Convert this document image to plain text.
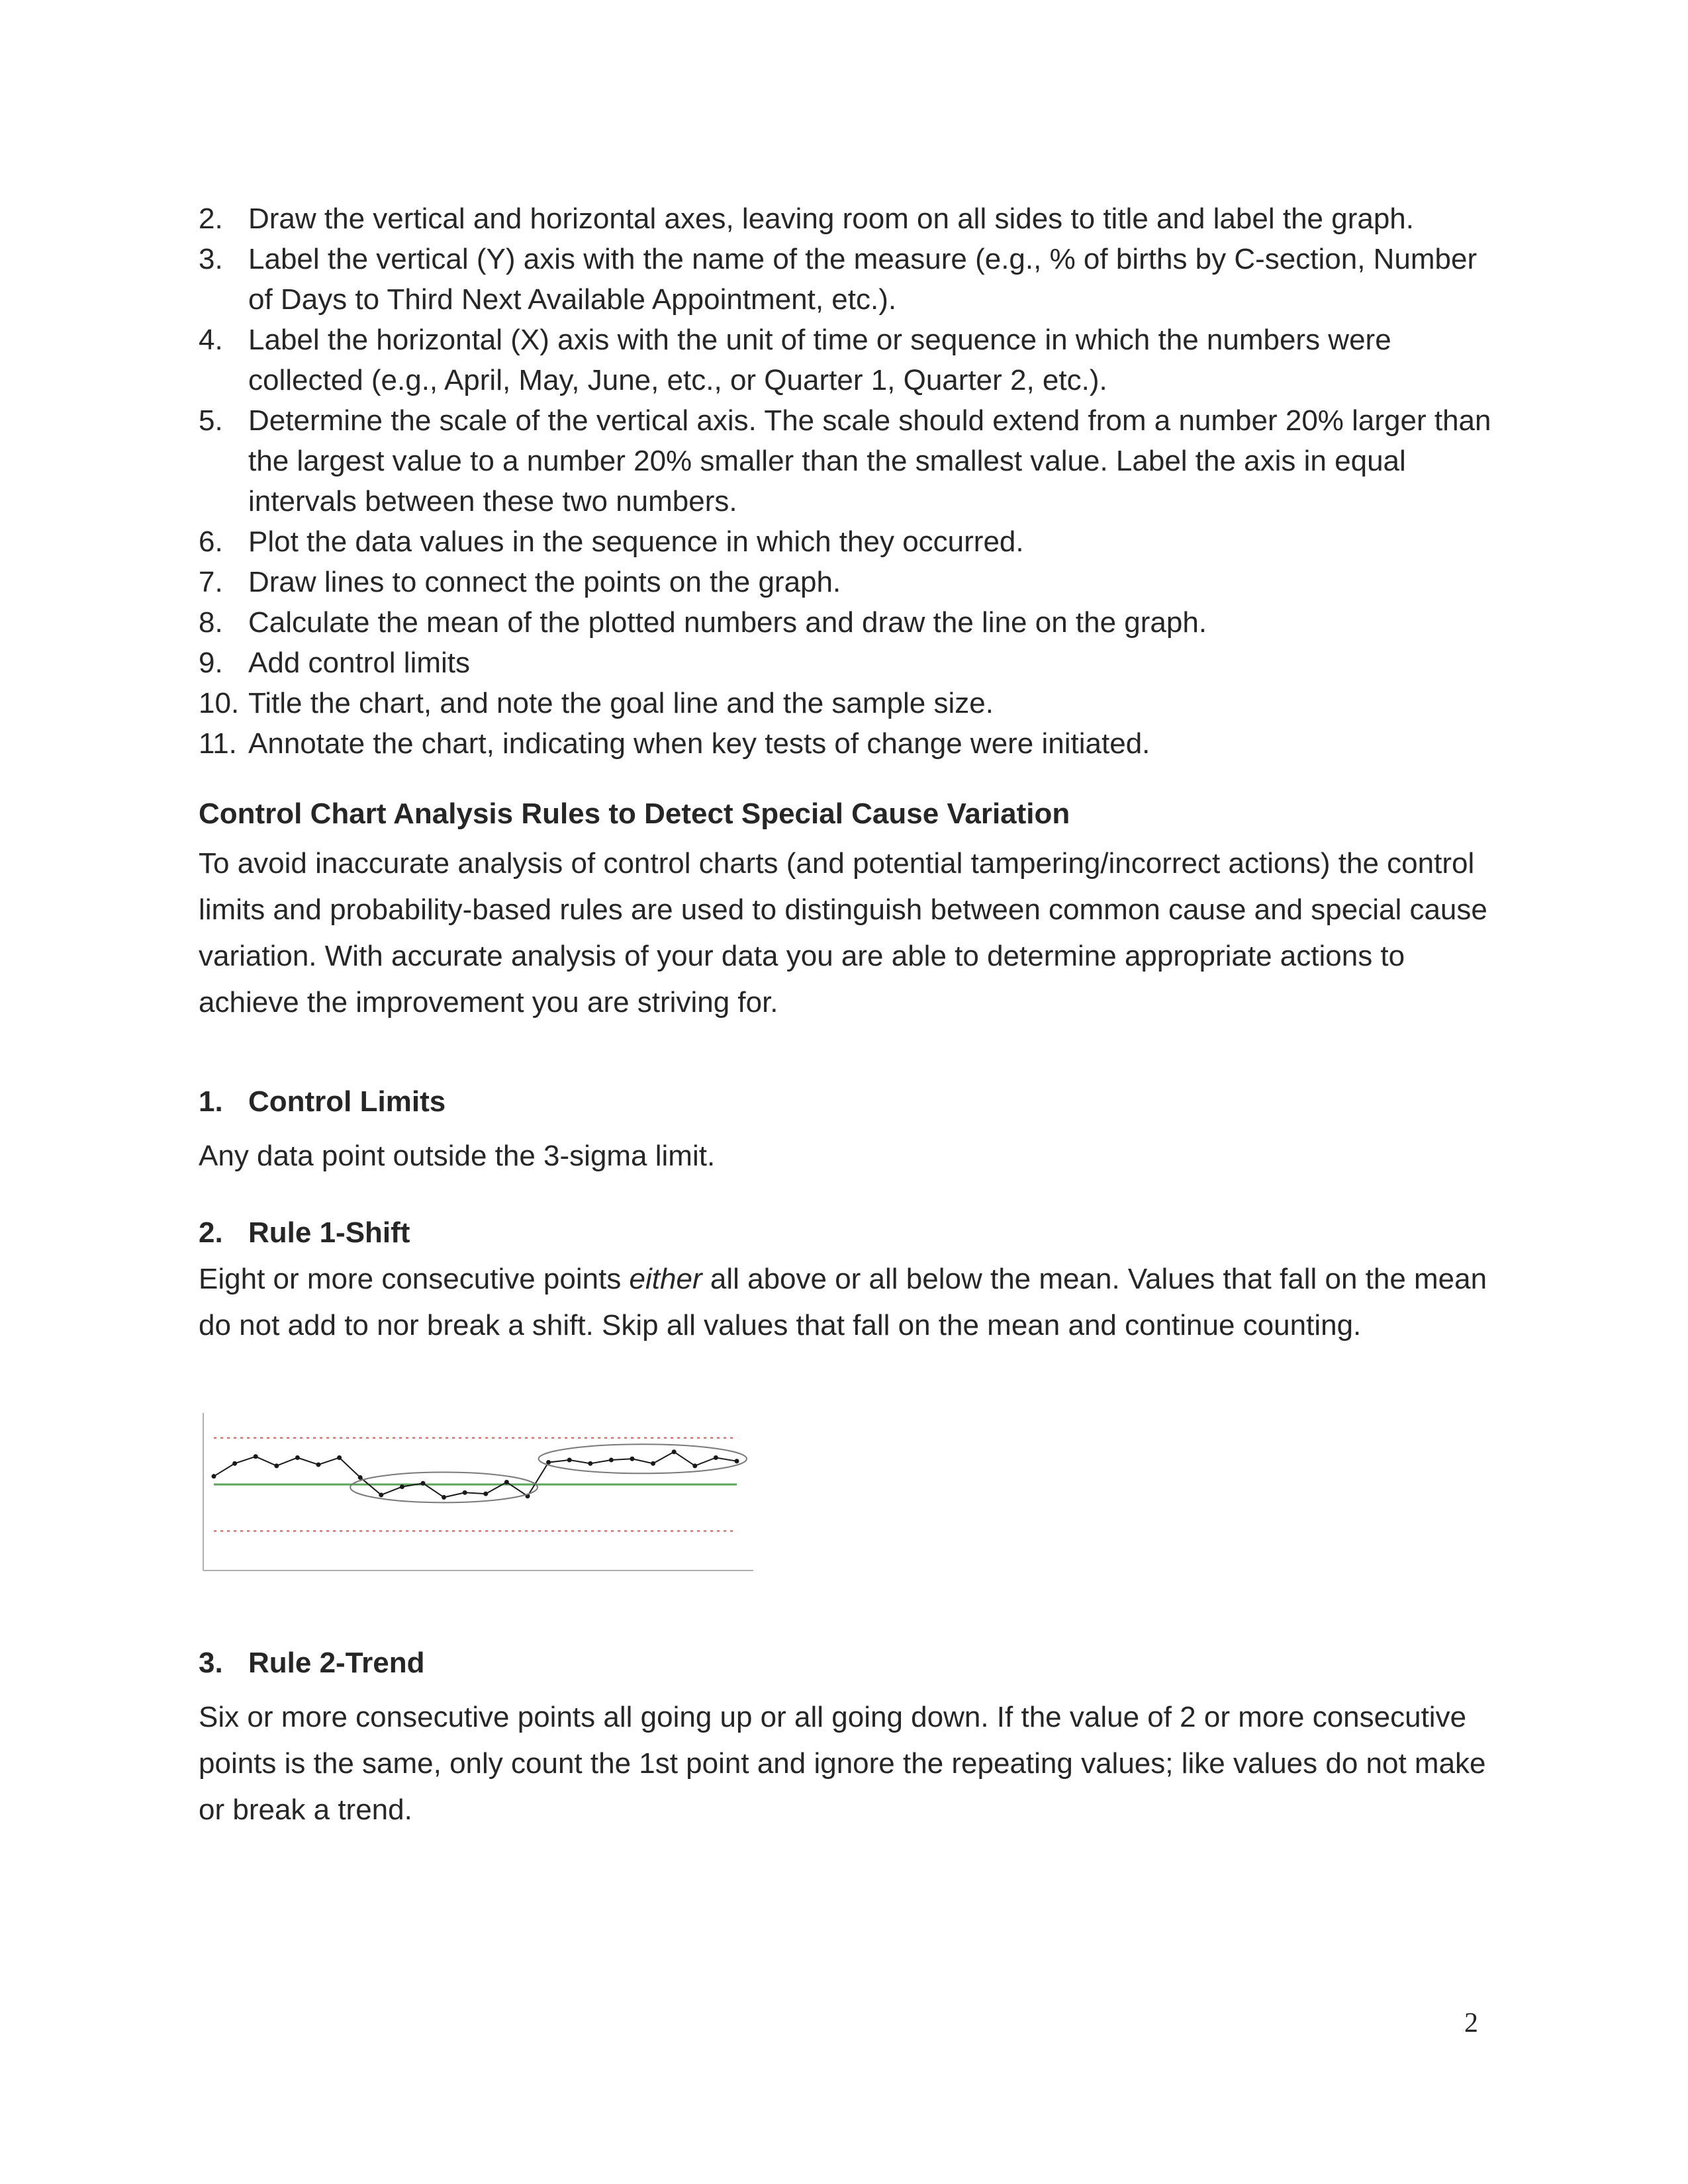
2. Draw the vertical and horizontal axes, leaving room on all sides to title and label the graph.
3. Label the vertical (Y) axis with the name of the measure (e.g., % of births by C-section, Number of Days to Third Next Available Appointment, etc.).
4. Label the horizontal (X) axis with the unit of time or sequence in which the numbers were collected (e.g., April, May, June, etc., or Quarter 1, Quarter 2, etc.).
5. Determine the scale of the vertical axis. The scale should extend from a number 20% larger than the largest value to a number 20% smaller than the smallest value. Label the axis in equal intervals between these two numbers.
6. Plot the data values in the sequence in which they occurred.
7. Draw lines to connect the points on the graph.
8. Calculate the mean of the plotted numbers and draw the line on the graph.
9. Add control limits
10. Title the chart, and note the goal line and the sample size.
11. Annotate the chart, indicating when key tests of change were initiated.
Control Chart Analysis Rules to Detect Special Cause Variation

To avoid inaccurate analysis of control charts (and potential tampering/incorrect actions) the control limits and probability-based rules are used to distinguish between common cause and special cause variation. With accurate analysis of your data you are able to determine appropriate actions to achieve the improvement you are striving for.

1. Control Limits

Any data point outside the 3-sigma limit.

2. Rule 1-Shift

Eight or more consecutive points either all above or all below the mean. Values that fall on the mean do not add to nor break a shift. Skip all values that fall on the mean and continue counting.

3. Rule 2-Trend

Six or more consecutive points all going up or all going down. If the value of 2 or more consecutive points is the same, only count the 1st point and ignore the repeating values; like values do not make or break a trend.

2
